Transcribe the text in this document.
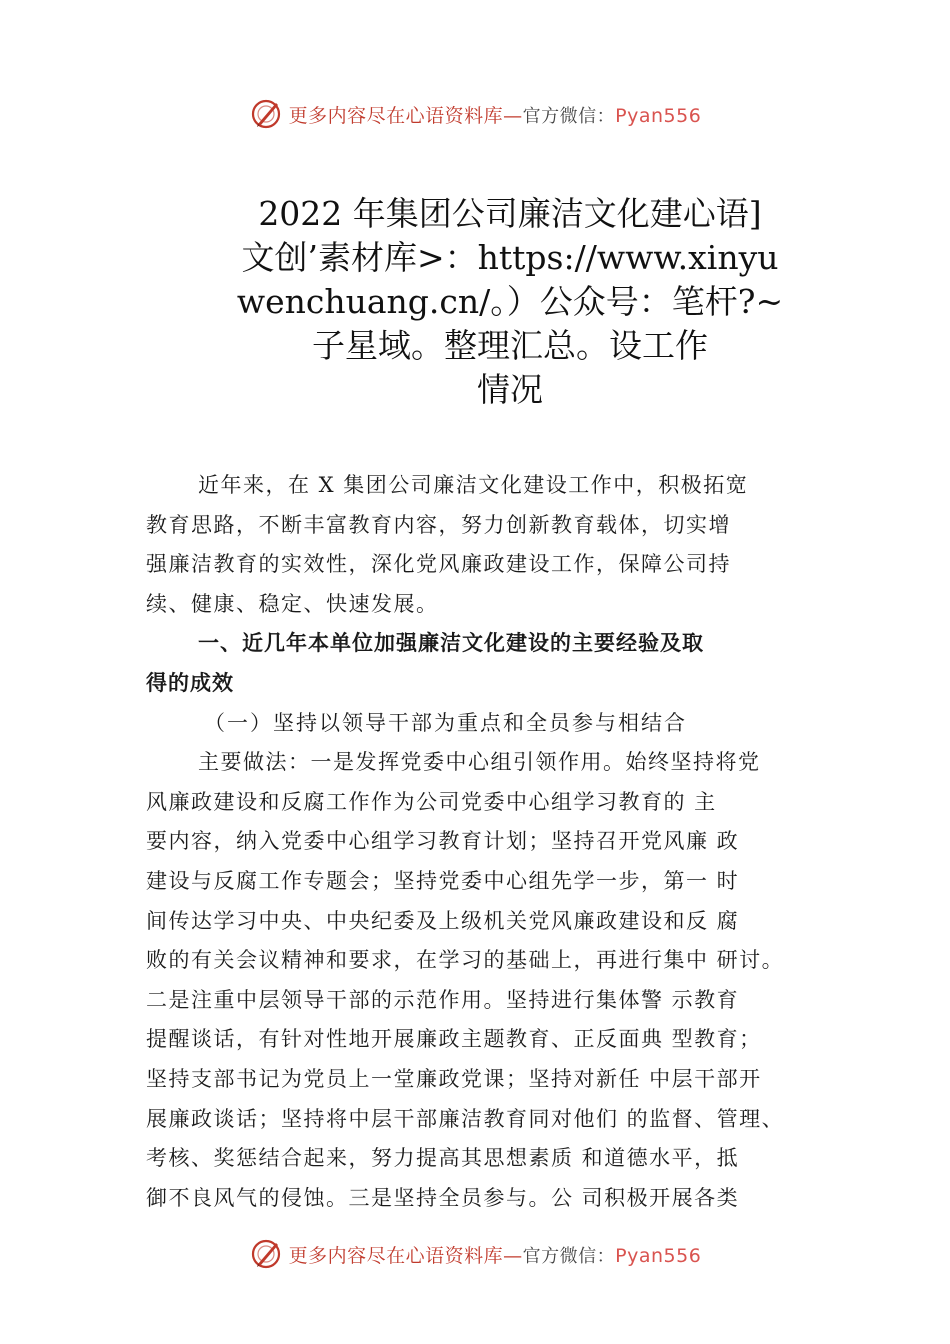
更多内容尽在心语资料库—官方微信：Pyan556
2022 年集团公司廉洁文化建心语]
文创’素材库>：https://www.xinyu
wenchuang.cn/。）公众号：笔杆?~
子星域。整理汇总。设工作
情况
近年来，在 X 集团公司廉洁文化建设工作中，积极拓宽
教育思路，不断丰富教育内容，努力创新教育载体，切实增
强廉洁教育的实效性，深化党风廉政建设工作，保障公司持
续、健康、稳定、快速发展。
一、近几年本单位加强廉洁文化建设的主要经验及取
得的成效
（一）坚持以领导干部为重点和全员参与相结合
主要做法：一是发挥党委中心组引领作用。始终坚持将党
风廉政建设和反腐工作作为公司党委中心组学习教育的 主
要内容，纳入党委中心组学习教育计划；坚持召开党风廉 政
建设与反腐工作专题会；坚持党委中心组先学一步，第一 时
间传达学习中央、中央纪委及上级机关党风廉政建设和反 腐
败的有关会议精神和要求，在学习的基础上，再进行集中 研讨。
二是注重中层领导干部的示范作用。坚持进行集体警 示教育
提醒谈话，有针对性地开展廉政主题教育、正反面典 型教育；
坚持支部书记为党员上一堂廉政党课；坚持对新任 中层干部开
展廉政谈话；坚持将中层干部廉洁教育同对他们 的监督、管理、
考核、奖惩结合起来，努力提高其思想素质 和道德水平，抵
御不良风气的侵蚀。三是坚持全员参与。公 司积极开展各类
更多内容尽在心语资料库—官方微信：Pyan556
